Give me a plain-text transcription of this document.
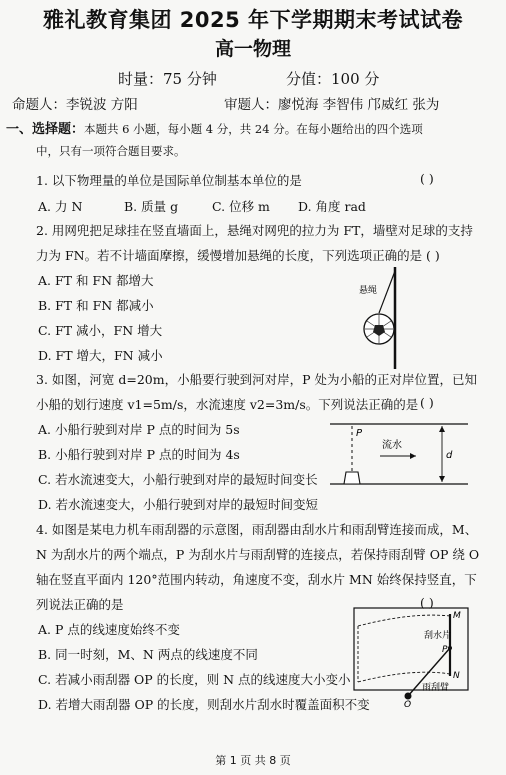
雅礼教育集团 2025 年下学期期末考试试卷
高一物理
时量：75 分钟	分值：100 分
命题人：李锐波 方阳	审题人：廖悦海 李智伟 邝威红 张为
一、选择题：本题共 6 小题，每小题 4 分，共 24 分。在每小题给出的四个选项
中，只有一项符合题目要求。
1. 以下物理量的单位是国际单位制基本单位的是	( )
A. 力 N	B. 质量 g	C. 位移 m D. 角度 rad
2. 用网兜把足球挂在竖直墙面上，悬绳对网兜的拉力为 FT，墙壁对足球的支持
力为 FN。若不计墙面摩擦，缓慢增加悬绳的长度，下列选项正确的是 ( )
A. FT 和 FN 都增大
B. FT 和 FN 都减小
C. FT 减小，FN 增大
D. FT 增大，FN 减小
悬绳
3. 如图，河宽 d=20m，小船要行驶到河对岸，P 处为小船的正对岸位置，已知
小船的划行速度 v1=5m/s，水流速度 v2=3m/s。下列说法正确的是 ( )
A. 小船行驶到对岸 P 点的时间为 5s
B. 小船行驶到对岸 P 点的时间为 4s
C. 若水流速变大，小船行驶到对岸的最短时间变长
D. 若水流速变大，小船行驶到对岸的最短时间变短
P
流水
d
4. 如图是某电力机车雨刮器的示意图，雨刮器由刮水片和雨刮臂连接而成，M、
N 为刮水片的两个端点，P 为刮水片与雨刮臂的连接点，若保持雨刮臂 OP 绕 O
轴在竖直平面内 120°范围内转动，角速度不变，刮水片 MN 始终保持竖直，下
列说法正确的是	( )
A. P 点的线速度始终不变
B. 同一时刻，M、N 两点的线速度不同
C. 若减小雨刮器 OP 的长度，则 N 点的线速度大小变小
D. 若增大雨刮器 OP 的长度，则刮水片刮水时覆盖面积不变
M
N
P
O
刮水片
雨刮臂
第 1 页 共 8 页
